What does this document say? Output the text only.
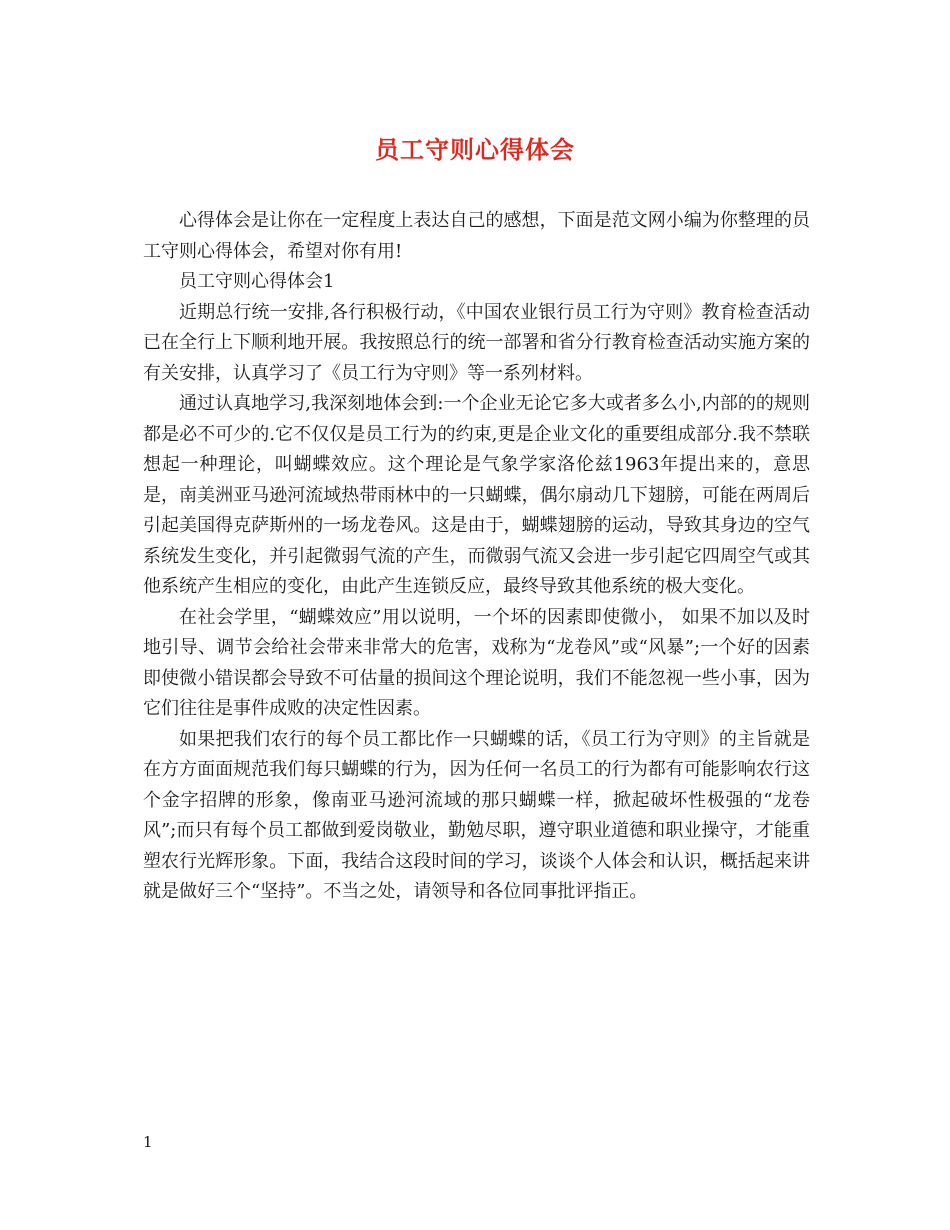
员工守则心得体会

心得体会是让你在一定程度上表达自己的感想，下面是范文网小编为你整理的员工守则心得体会，希望对你有用!

员工守则心得体会1

近期总行统一安排,各行积极行动，《中国农业银行员工行为守则》教育检查活动已在全行上下顺利地开展。我按照总行的统一部署和省分行教育检查活动实施方案的有关安排，认真学习了《员工行为守则》等一系列材料。

通过认真地学习,我深刻地体会到:一个企业无论它多大或者多么小,内部的的规则都是必不可少的.它不仅仅是员工行为的约束,更是企业文化的重要组成部分.我不禁联想起一种理论，叫蝴蝶效应。这个理论是气象学家洛伦兹1963年提出来的，意思是，南美洲亚马逊河流域热带雨林中的一只蝴蝶，偶尔扇动几下翅膀，可能在两周后引起美国得克萨斯州的一场龙卷风。这是由于，蝴蝶翅膀的运动，导致其身边的空气系统发生变化，并引起微弱气流的产生，而微弱气流又会进一步引起它四周空气或其他系统产生相应的变化，由此产生连锁反应，最终导致其他系统的极大变化。

在社会学里，“蝴蝶效应”用以说明，一个坏的因素即使微小， 如果不加以及时地引导、调节会给社会带来非常大的危害，戏称为“龙卷风”或“风暴”;一个好的因素即使微小错误都会导致不可估量的损间这个理论说明，我们不能忽视一些小事，因为它们往往是事件成败的决定性因素。

如果把我们农行的每个员工都比作一只蝴蝶的话，《员工行为守则》的主旨就是在方方面面规范我们每只蝴蝶的行为，因为任何一名员工的行为都有可能影响农行这个金字招牌的形象，像南亚马逊河流域的那只蝴蝶一样，掀起破坏性极强的“龙卷风”;而只有每个员工都做到爱岗敬业，勤勉尽职，遵守职业道德和职业操守，才能重塑农行光辉形象。下面，我结合这段时间的学习，谈谈个人体会和认识，概括起来讲就是做好三个“坚持”。不当之处，请领导和各位同事批评指正。

1
